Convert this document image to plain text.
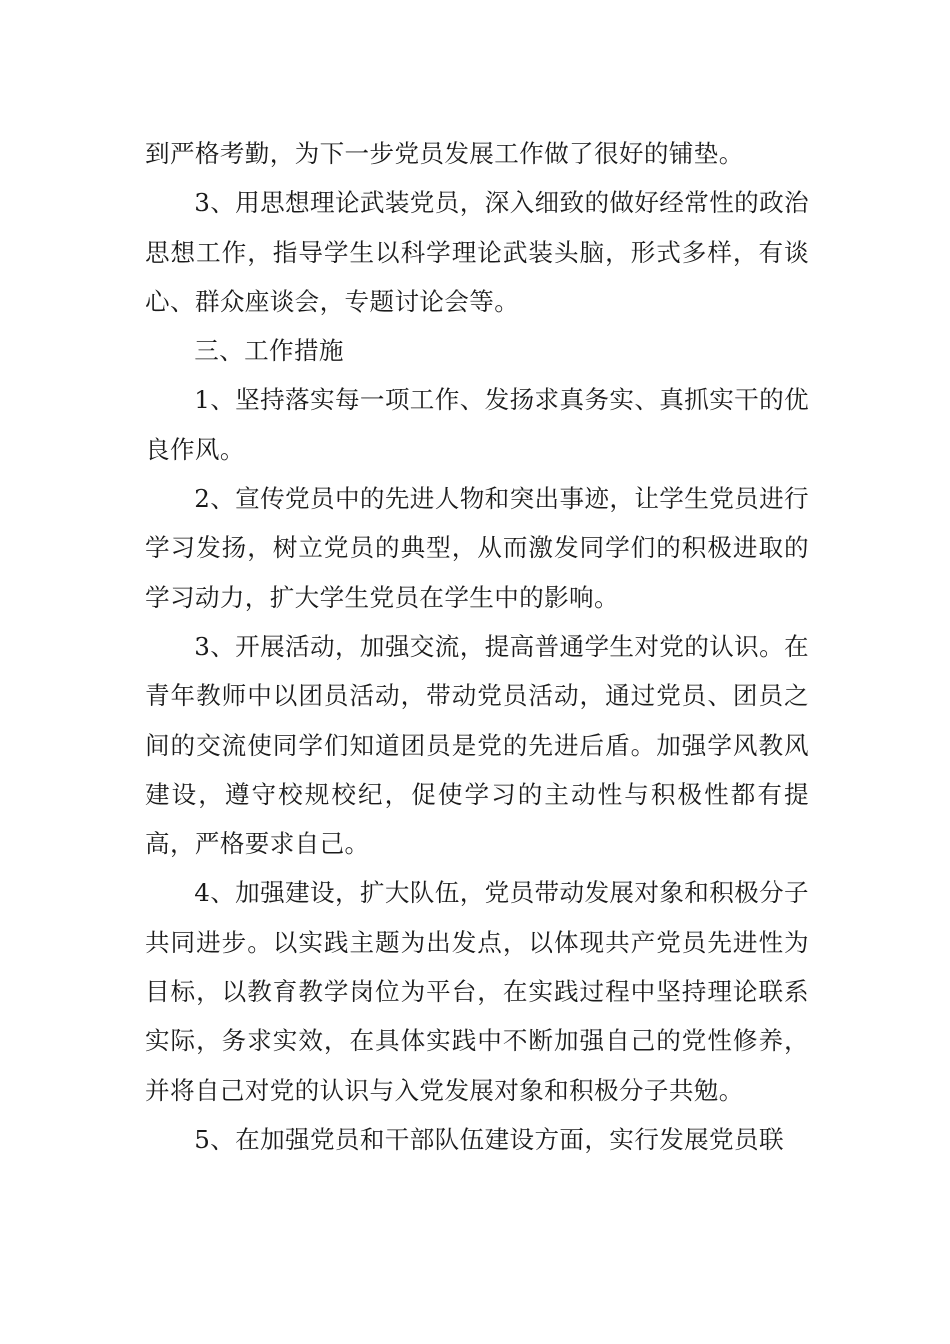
到严格考勤，为下一步党员发展工作做了很好的铺垫。

3、用思想理论武装党员，深入细致的做好经常性的政治思想工作，指导学生以科学理论武装头脑，形式多样，有谈心、群众座谈会，专题讨论会等。

三、工作措施

1、坚持落实每一项工作、发扬求真务实、真抓实干的优良作风。

2、宣传党员中的先进人物和突出事迹，让学生党员进行学习发扬，树立党员的典型，从而激发同学们的积极进取的学习动力，扩大学生党员在学生中的影响。

3、开展活动，加强交流，提高普通学生对党的认识。在青年教师中以团员活动，带动党员活动，通过党员、团员之间的交流使同学们知道团员是党的先进后盾。加强学风教风建设，遵守校规校纪，促使学习的主动性与积极性都有提高，严格要求自己。

4、加强建设，扩大队伍，党员带动发展对象和积极分子共同进步。以实践主题为出发点，以体现共产党员先进性为目标，以教育教学岗位为平台，在实践过程中坚持理论联系实际，务求实效，在具体实践中不断加强自己的党性修养，并将自己对党的认识与入党发展对象和积极分子共勉。

5、在加强党员和干部队伍建设方面，实行发展党员联
